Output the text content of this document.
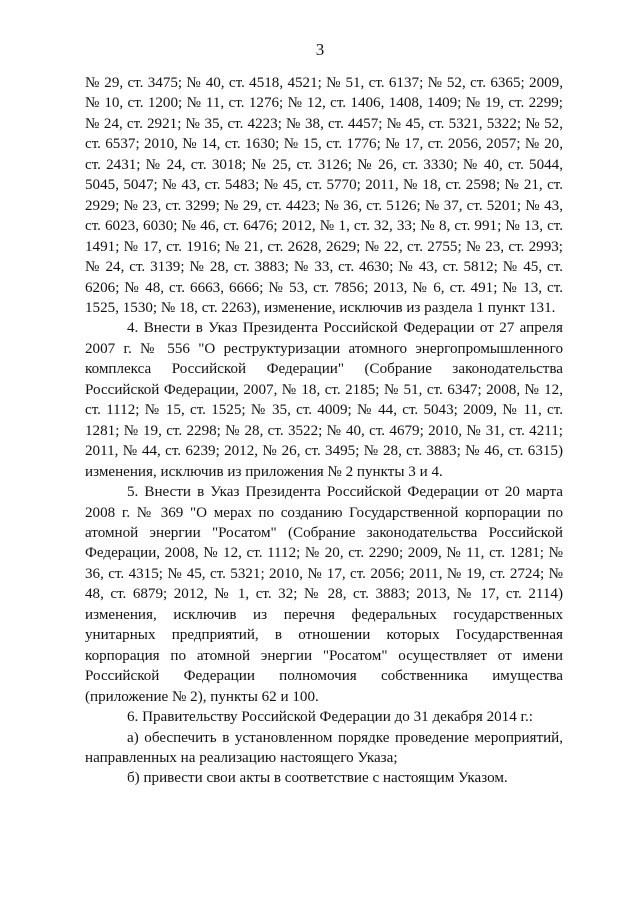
3

№ 29, ст. 3475; № 40, ст. 4518, 4521; № 51, ст. 6137; № 52, ст. 6365; 2009, № 10, ст. 1200; № 11, ст. 1276; № 12, ст. 1406, 1408, 1409; № 19, ст. 2299; № 24, ст. 2921; № 35, ст. 4223; № 38, ст. 4457; № 45, ст. 5321, 5322; № 52, ст. 6537; 2010, № 14, ст. 1630; № 15, ст. 1776; № 17, ст. 2056, 2057; № 20, ст. 2431; № 24, ст. 3018; № 25, ст. 3126; № 26, ст. 3330; № 40, ст. 5044, 5045, 5047; № 43, ст. 5483; № 45, ст. 5770; 2011, № 18, ст. 2598; № 21, ст. 2929; № 23, ст. 3299; № 29, ст. 4423; № 36, ст. 5126; № 37, ст. 5201; № 43, ст. 6023, 6030; № 46, ст. 6476; 2012, № 1, ст. 32, 33; № 8, ст. 991; № 13, ст. 1491; № 17, ст. 1916; № 21, ст. 2628, 2629; № 22, ст. 2755; № 23, ст. 2993; № 24, ст. 3139; № 28, ст. 3883; № 33, ст. 4630; № 43, ст. 5812; № 45, ст. 6206; № 48, ст. 6663, 6666; № 53, ст. 7856; 2013, № 6, ст. 491; № 13, ст. 1525, 1530; № 18, ст. 2263), изменение, исключив из раздела 1 пункт 131.

4. Внести в Указ Президента Российской Федерации от 27 апреля 2007 г. № 556 "О реструктуризации атомного энергопромышленного комплекса Российской Федерации" (Собрание законодательства Российской Федерации, 2007, № 18, ст. 2185; № 51, ст. 6347; 2008, № 12, ст. 1112; № 15, ст. 1525; № 35, ст. 4009; № 44, ст. 5043; 2009, № 11, ст. 1281; № 19, ст. 2298; № 28, ст. 3522; № 40, ст. 4679; 2010, № 31, ст. 4211; 2011, № 44, ст. 6239; 2012, № 26, ст. 3495; № 28, ст. 3883; № 46, ст. 6315) изменения, исключив из приложения № 2 пункты 3 и 4.

5. Внести в Указ Президента Российской Федерации от 20 марта 2008 г. № 369 "О мерах по созданию Государственной корпорации по атомной энергии "Росатом" (Собрание законодательства Российской Федерации, 2008, № 12, ст. 1112; № 20, ст. 2290; 2009, № 11, ст. 1281; № 36, ст. 4315; № 45, ст. 5321; 2010, № 17, ст. 2056; 2011, № 19, ст. 2724; № 48, ст. 6879; 2012, № 1, ст. 32; № 28, ст. 3883; 2013, № 17, ст. 2114) изменения, исключив из перечня федеральных государственных унитарных предприятий, в отношении которых Государственная корпорация по атомной энергии "Росатом" осуществляет от имени Российской Федерации полномочия собственника имущества (приложение № 2), пункты 62 и 100.

6. Правительству Российской Федерации до 31 декабря 2014 г.:

а) обеспечить в установленном порядке проведение мероприятий, направленных на реализацию настоящего Указа;

б) привести свои акты в соответствие с настоящим Указом.
